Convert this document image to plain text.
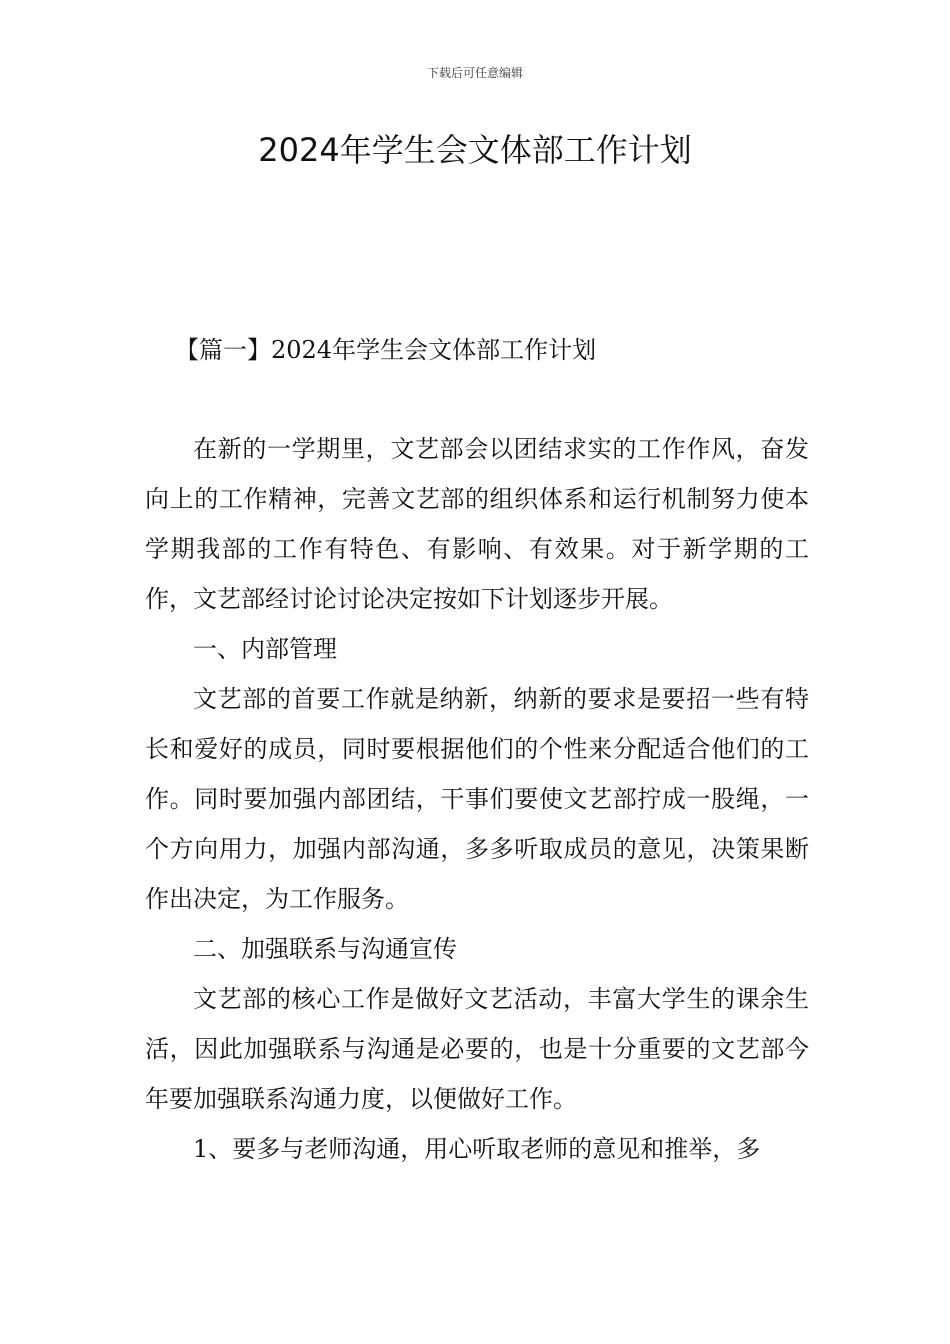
下载后可任意编辑
2024年学生会文体部工作计划
【篇一】2024年学生会文体部工作计划

在新的一学期里，文艺部会以团结求实的工作作风，奋发向上的工作精神，完善文艺部的组织体系和运行机制努力使本学期我部的工作有特色、有影响、有效果。对于新学期的工作，文艺部经讨论讨论决定按如下计划逐步开展。

一、内部管理

文艺部的首要工作就是纳新，纳新的要求是要招一些有特长和爱好的成员，同时要根据他们的个性来分配适合他们的工作。同时要加强内部团结，干事们要使文艺部拧成一股绳，一个方向用力，加强内部沟通，多多听取成员的意见，决策果断作出决定，为工作服务。

二、加强联系与沟通宣传

文艺部的核心工作是做好文艺活动，丰富大学生的课余生活，因此加强联系与沟通是必要的，也是十分重要的文艺部今年要加强联系沟通力度，以便做好工作。

1、要多与老师沟通，用心听取老师的意见和推举，多
